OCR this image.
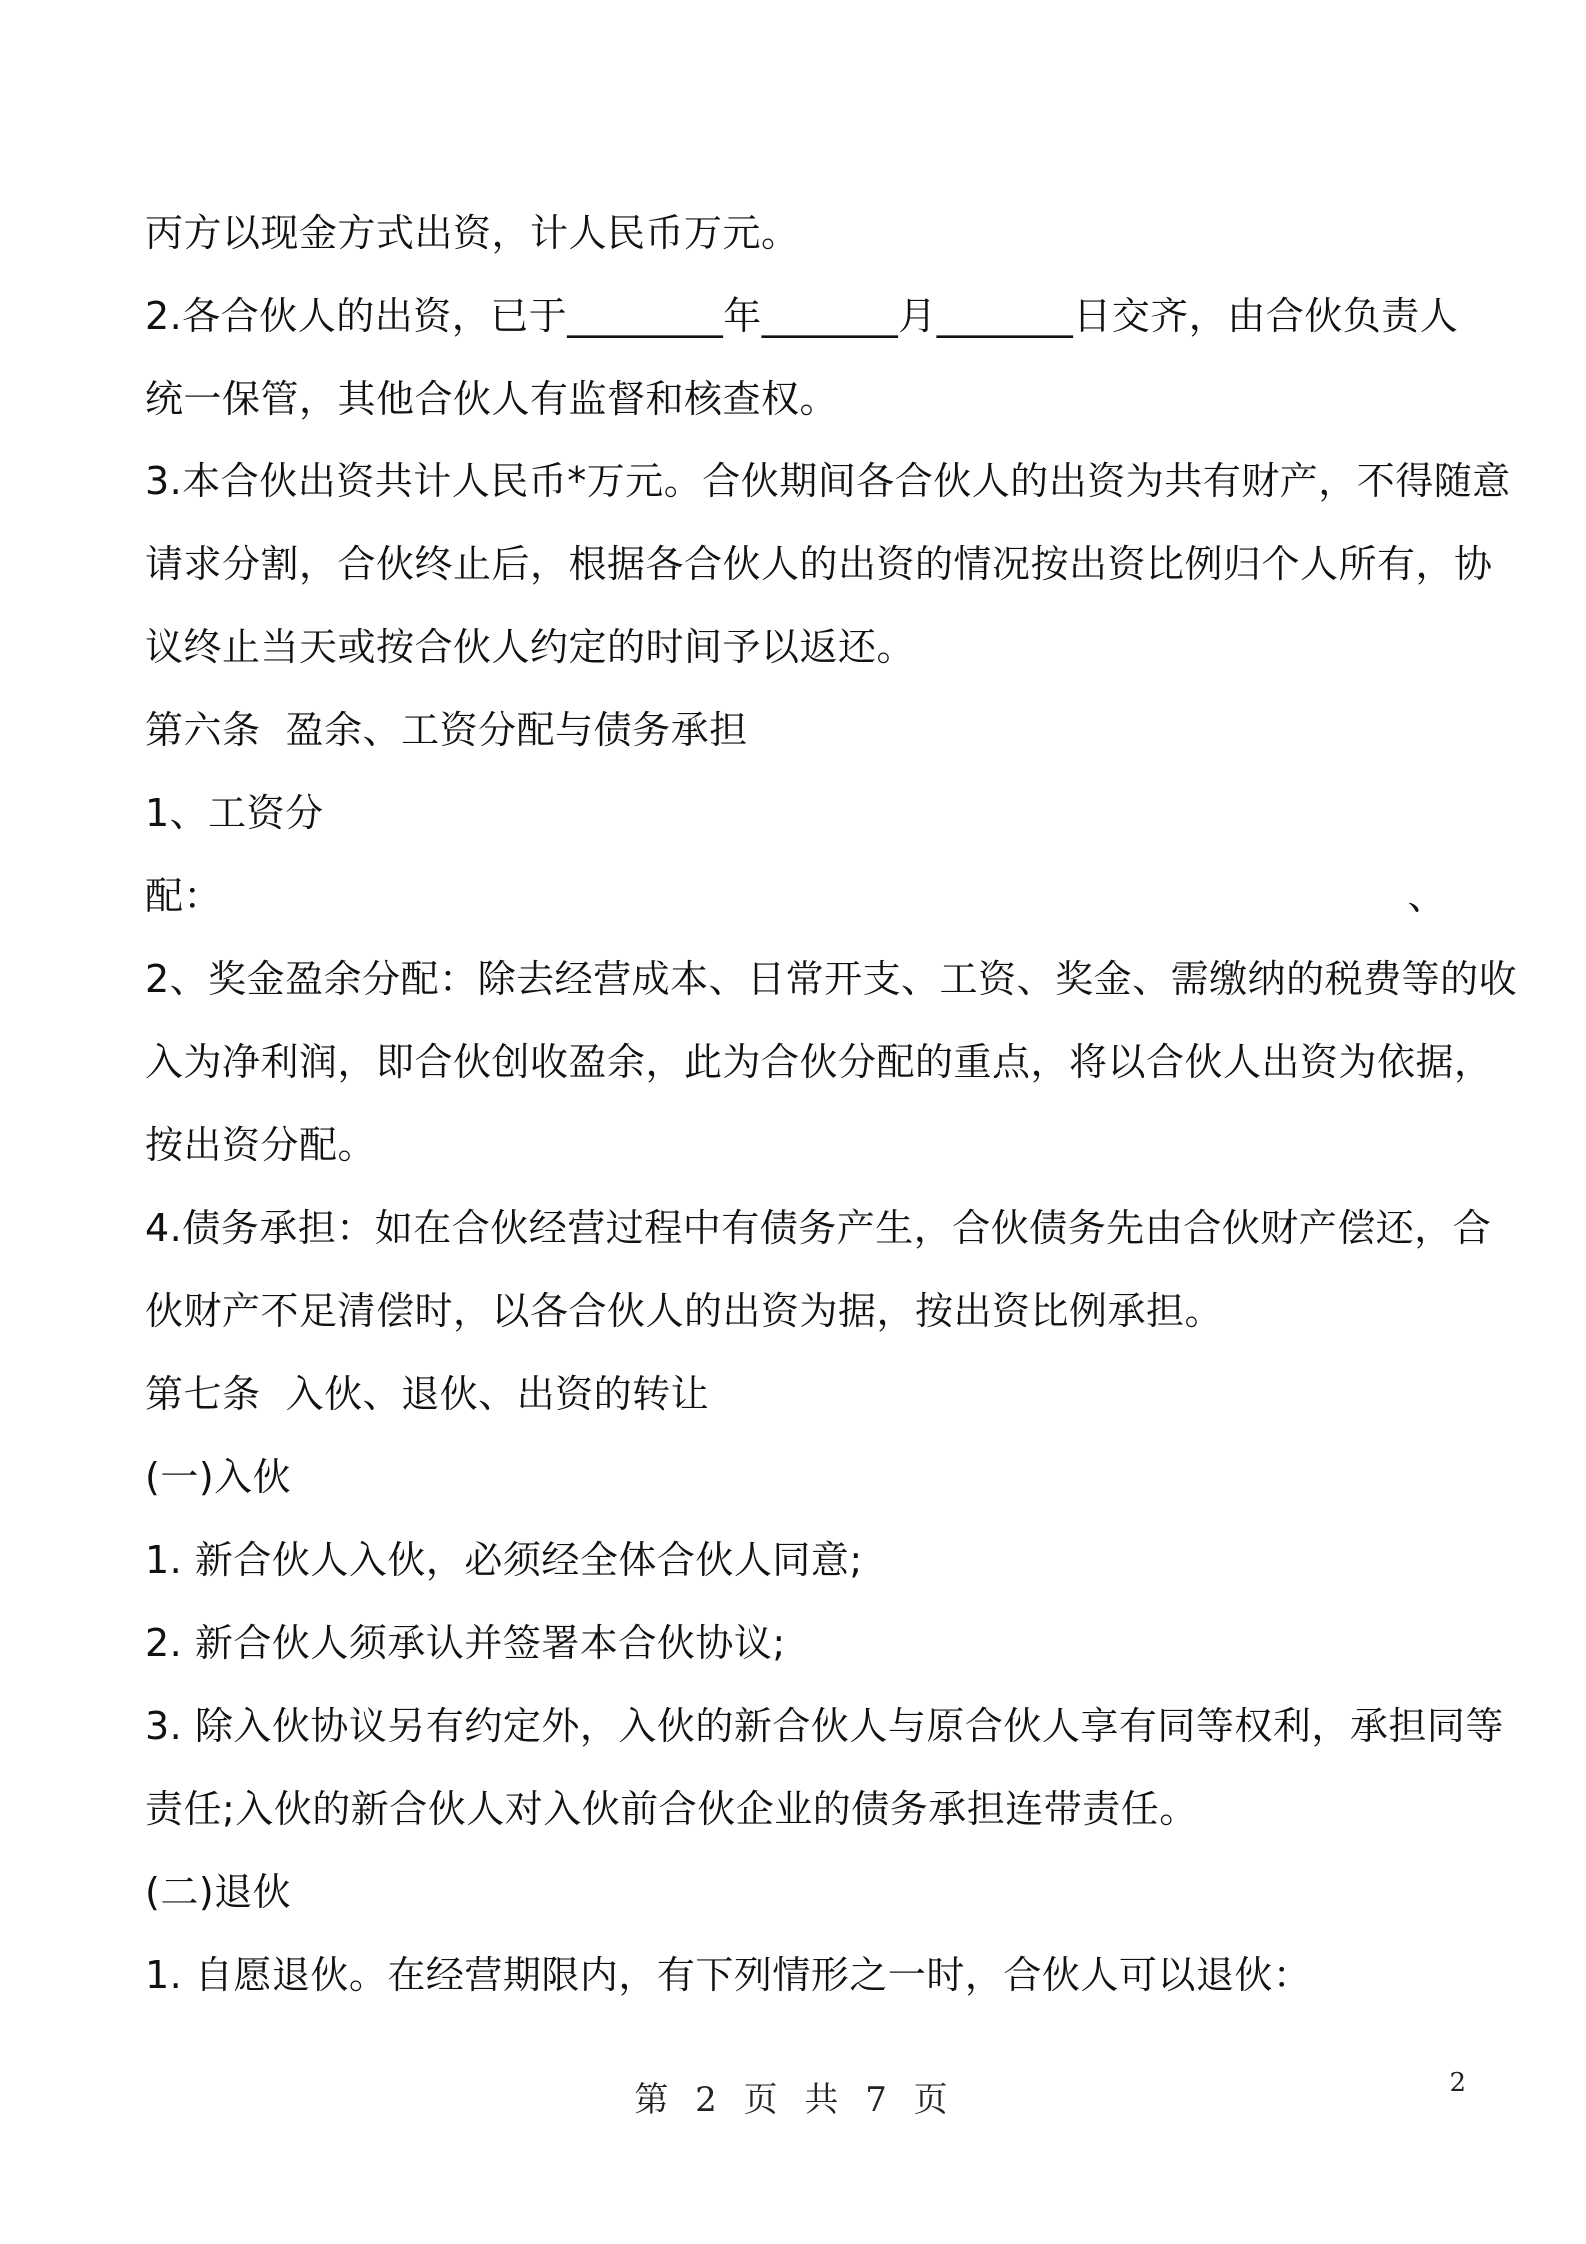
丙方以现金方式出资，计人民币万元。
2.各合伙人的出资，已于________年_______月_______日交齐，由合伙负责人
统一保管，其他合伙人有监督和核查权。
3.本合伙出资共计人民币*万元。合伙期间各合伙人的出资为共有财产，不得随意
请求分割，合伙终止后，根据各合伙人的出资的情况按出资比例归个人所有，协
议终止当天或按合伙人约定的时间予以返还。
第六条  盈余、工资分配与债务承担
1、工资分
配：	、
2、奖金盈余分配：除去经营成本、日常开支、工资、奖金、需缴纳的税费等的收
入为净利润，即合伙创收盈余，此为合伙分配的重点，将以合伙人出资为依据，
按出资分配。
4.债务承担：如在合伙经营过程中有债务产生，合伙债务先由合伙财产偿还，合
伙财产不足清偿时，以各合伙人的出资为据，按出资比例承担。
第七条  入伙、退伙、出资的转让
(一)入伙
1. 新合伙人入伙，必须经全体合伙人同意;
2. 新合伙人须承认并签署本合伙协议;
3. 除入伙协议另有约定外，入伙的新合伙人与原合伙人享有同等权利，承担同等
责任;入伙的新合伙人对入伙前合伙企业的债务承担连带责任。
(二)退伙
1. 自愿退伙。在经营期限内，有下列情形之一时，合伙人可以退伙：
第 2 页 共 7 页	2
